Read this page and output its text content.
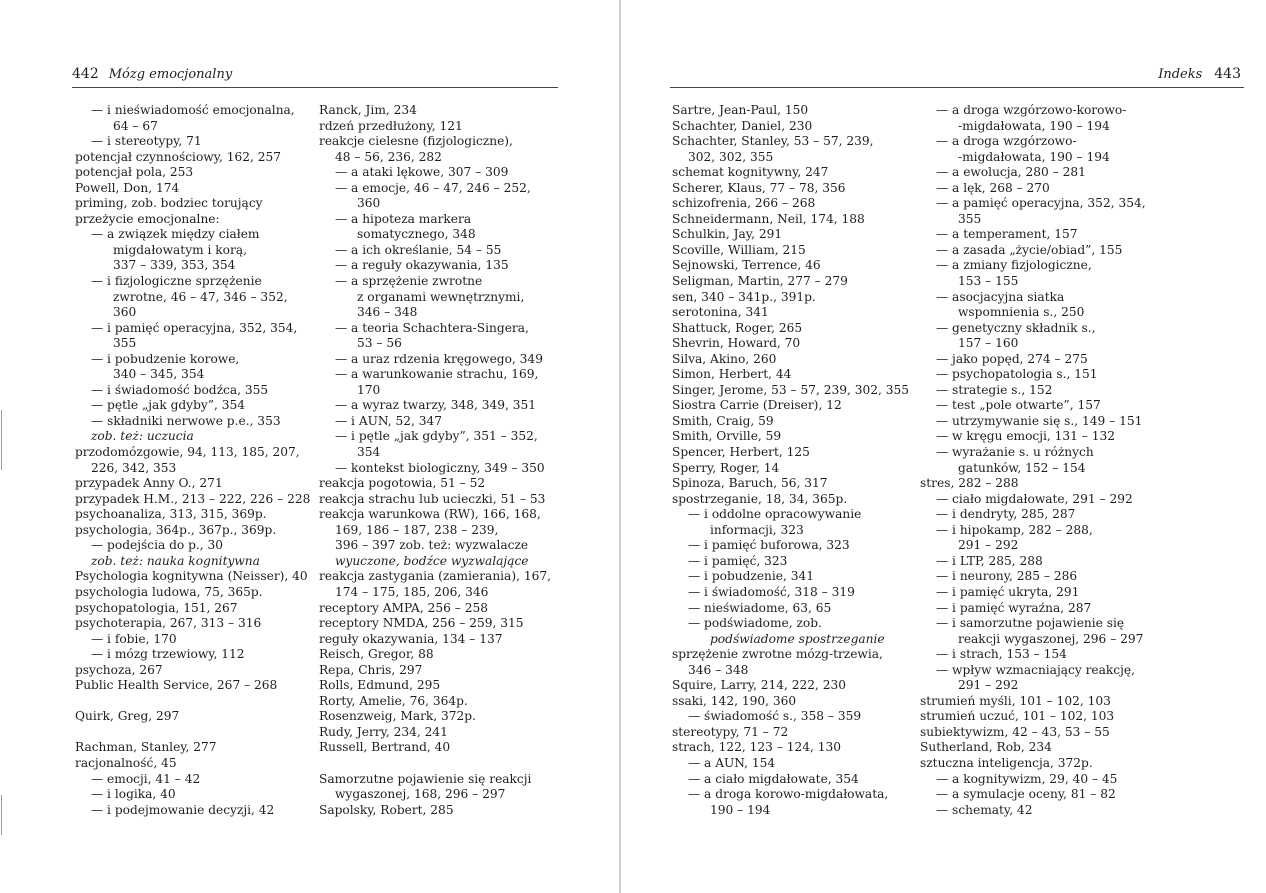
442 Mózg emocjonalny
— i nieświadomość emocjonalna,
64 – 67
— i stereotypy, 71
potencjał czynnościowy, 162, 257
potencjał pola, 253
Powell, Don, 174
priming, zob. bodziec torujący
przeżycie emocjonalne:
— a związek między ciałem
migdałowatym i korą,
337 – 339, 353, 354
— i fizjologiczne sprzężenie
zwrotne, 46 – 47, 346 – 352,
360
— i pamięć operacyjna, 352, 354,
355
— i pobudzenie korowe,
340 – 345, 354
— i świadomość bodźca, 355
— pętle „jak gdyby”, 354
— składniki nerwowe p.e., 353
zob. też: uczucia
przodomózgowie, 94, 113, 185, 207,
226, 342, 353
przypadek Anny O., 271
przypadek H.M., 213 – 222, 226 – 228
psychoanaliza, 313, 315, 369p.
psychologia, 364p., 367p., 369p.
— podejścia do p., 30
zob. też: nauka kognitywna
Psychologia kognitywna (Neisser), 40
psychologia ludowa, 75, 365p.
psychopatologia, 151, 267
psychoterapia, 267, 313 – 316
— i fobie, 170
— i mózg trzewiowy, 112
psychoza, 267
Public Health Service, 267 – 268
Quirk, Greg, 297
Rachman, Stanley, 277
racjonalność, 45
— emocji, 41 – 42
— i logika, 40
— i podejmowanie decyzji, 42
Ranck, Jim, 234
rdzeń przedłużony, 121
reakcje cielesne (fizjologiczne),
48 – 56, 236, 282
— a ataki lękowe, 307 – 309
— a emocje, 46 – 47, 246 – 252,
360
— a hipoteza markera
somatycznego, 348
— a ich określanie, 54 – 55
— a reguły okazywania, 135
— a sprzężenie zwrotne
z organami wewnętrznymi,
346 – 348
— a teoria Schachtera-Singera,
53 – 56
— a uraz rdzenia kręgowego, 349
— a warunkowanie strachu, 169,
170
— a wyraz twarzy, 348, 349, 351
— i AUN, 52, 347
— i pętle „jak gdyby”, 351 – 352,
354
— kontekst biologiczny, 349 – 350
reakcja pogotowia, 51 – 52
reakcja strachu lub ucieczki, 51 – 53
reakcja warunkowa (RW), 166, 168,
169, 186 – 187, 238 – 239,
396 – 397 zob. też: wyzwalacze
wyuczone, bodźce wyzwalające
reakcja zastygania (zamierania), 167,
174 – 175, 185, 206, 346
receptory AMPA, 256 – 258
receptory NMDA, 256 – 259, 315
reguły okazywania, 134 – 137
Reisch, Gregor, 88
Repa, Chris, 297
Rolls, Edmund, 295
Rorty, Amelie, 76, 364p.
Rosenzweig, Mark, 372p.
Rudy, Jerry, 234, 241
Russell, Bertrand, 40
Samorzutne pojawienie się reakcji
wygaszonej, 168, 296 – 297
Sapolsky, Robert, 285
Indeks 443
Sartre, Jean-Paul, 150
Schachter, Daniel, 230
Schachter, Stanley, 53 – 57, 239,
302, 302, 355
schemat kognitywny, 247
Scherer, Klaus, 77 – 78, 356
schizofrenia, 266 – 268
Schneidermann, Neil, 174, 188
Schulkin, Jay, 291
Scoville, William, 215
Sejnowski, Terrence, 46
Seligman, Martin, 277 – 279
sen, 340 – 341p., 391p.
serotonina, 341
Shattuck, Roger, 265
Shevrin, Howard, 70
Silva, Akino, 260
Simon, Herbert, 44
Singer, Jerome, 53 – 57, 239, 302, 355
Siostra Carrie (Dreiser), 12
Smith, Craig, 59
Smith, Orville, 59
Spencer, Herbert, 125
Sperry, Roger, 14
Spinoza, Baruch, 56, 317
spostrzeganie, 18, 34, 365p.
— i oddolne opracowywanie
informacji, 323
— i pamięć buforowa, 323
— i pamięć, 323
— i pobudzenie, 341
— i świadomość, 318 – 319
— nieświadome, 63, 65
— podświadome, zob.
podświadome spostrzeganie
sprzężenie zwrotne mózg-trzewia,
346 – 348
Squire, Larry, 214, 222, 230
ssaki, 142, 190, 360
— świadomość s., 358 – 359
stereotypy, 71 – 72
strach, 122, 123 – 124, 130
— a AUN, 154
— a ciało migdałowate, 354
— a droga korowo-migdałowata,
190 – 194
— a droga wzgórzowo-korowo-
-migdałowata, 190 – 194
— a droga wzgórzowo-
-migdałowata, 190 – 194
— a ewolucja, 280 – 281
— a lęk, 268 – 270
— a pamięć operacyjna, 352, 354,
355
— a temperament, 157
— a zasada „życie/obiad”, 155
— a zmiany fizjologiczne,
153 – 155
— asocjacyjna siatka
wspomnienia s., 250
— genetyczny składnik s.,
157 – 160
— jako popęd, 274 – 275
— psychopatologia s., 151
— strategie s., 152
— test „pole otwarte”, 157
— utrzymywanie się s., 149 – 151
— w kręgu emocji, 131 – 132
— wyrażanie s. u różnych
gatunków, 152 – 154
stres, 282 – 288
— ciało migdałowate, 291 – 292
— i dendryty, 285, 287
— i hipokamp, 282 – 288,
291 – 292
— i LTP, 285, 288
— i neurony, 285 – 286
— i pamięć ukryta, 291
— i pamięć wyraźna, 287
— i samorzutne pojawienie się
reakcji wygaszonej, 296 – 297
— i strach, 153 – 154
— wpływ wzmacniający reakcję,
291 – 292
strumień myśli, 101 – 102, 103
strumień uczuć, 101 – 102, 103
subiektywizm, 42 – 43, 53 – 55
Sutherland, Rob, 234
sztuczna inteligencja, 372p.
— a kognitywizm, 29, 40 – 45
— a symulacje oceny, 81 – 82
— schematy, 42
